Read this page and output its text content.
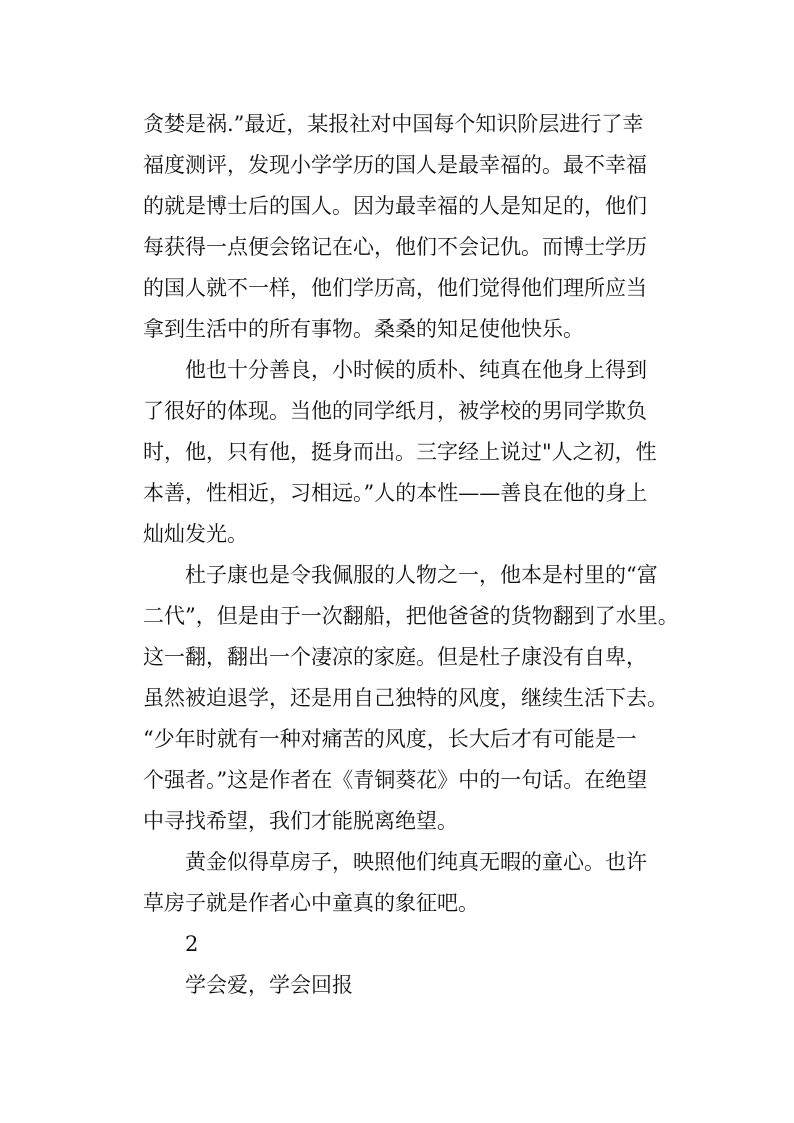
贪婪是祸.”最近，某报社对中国每个知识阶层进行了幸
福度测评，发现小学学历的国人是最幸福的。最不幸福
的就是博士后的国人。因为最幸福的人是知足的，他们
每获得一点便会铭记在心，他们不会记仇。而博士学历
的国人就不一样，他们学历高，他们觉得他们理所应当
拿到生活中的所有事物。桑桑的知足使他快乐。
他也十分善良，小时候的质朴、纯真在他身上得到
了很好的体现。当他的同学纸月，被学校的男同学欺负
时，他，只有他，挺身而出。三字经上说过"人之初，性
本善，性相近，习相远。”人的本性——善良在他的身上
灿灿发光。
杜子康也是令我佩服的人物之一，他本是村里的“富
二代”，但是由于一次翻船，把他爸爸的货物翻到了水里。
这一翻，翻出一个凄凉的家庭。但是杜子康没有自卑，
虽然被迫退学，还是用自己独特的风度，继续生活下去。
“少年时就有一种对痛苦的风度，长大后才有可能是一
个强者。”这是作者在《青铜葵花》中的一句话。在绝望
中寻找希望，我们才能脱离绝望。
黄金似得草房子，映照他们纯真无暇的童心。也许
草房子就是作者心中童真的象征吧。
2
学会爱，学会回报
